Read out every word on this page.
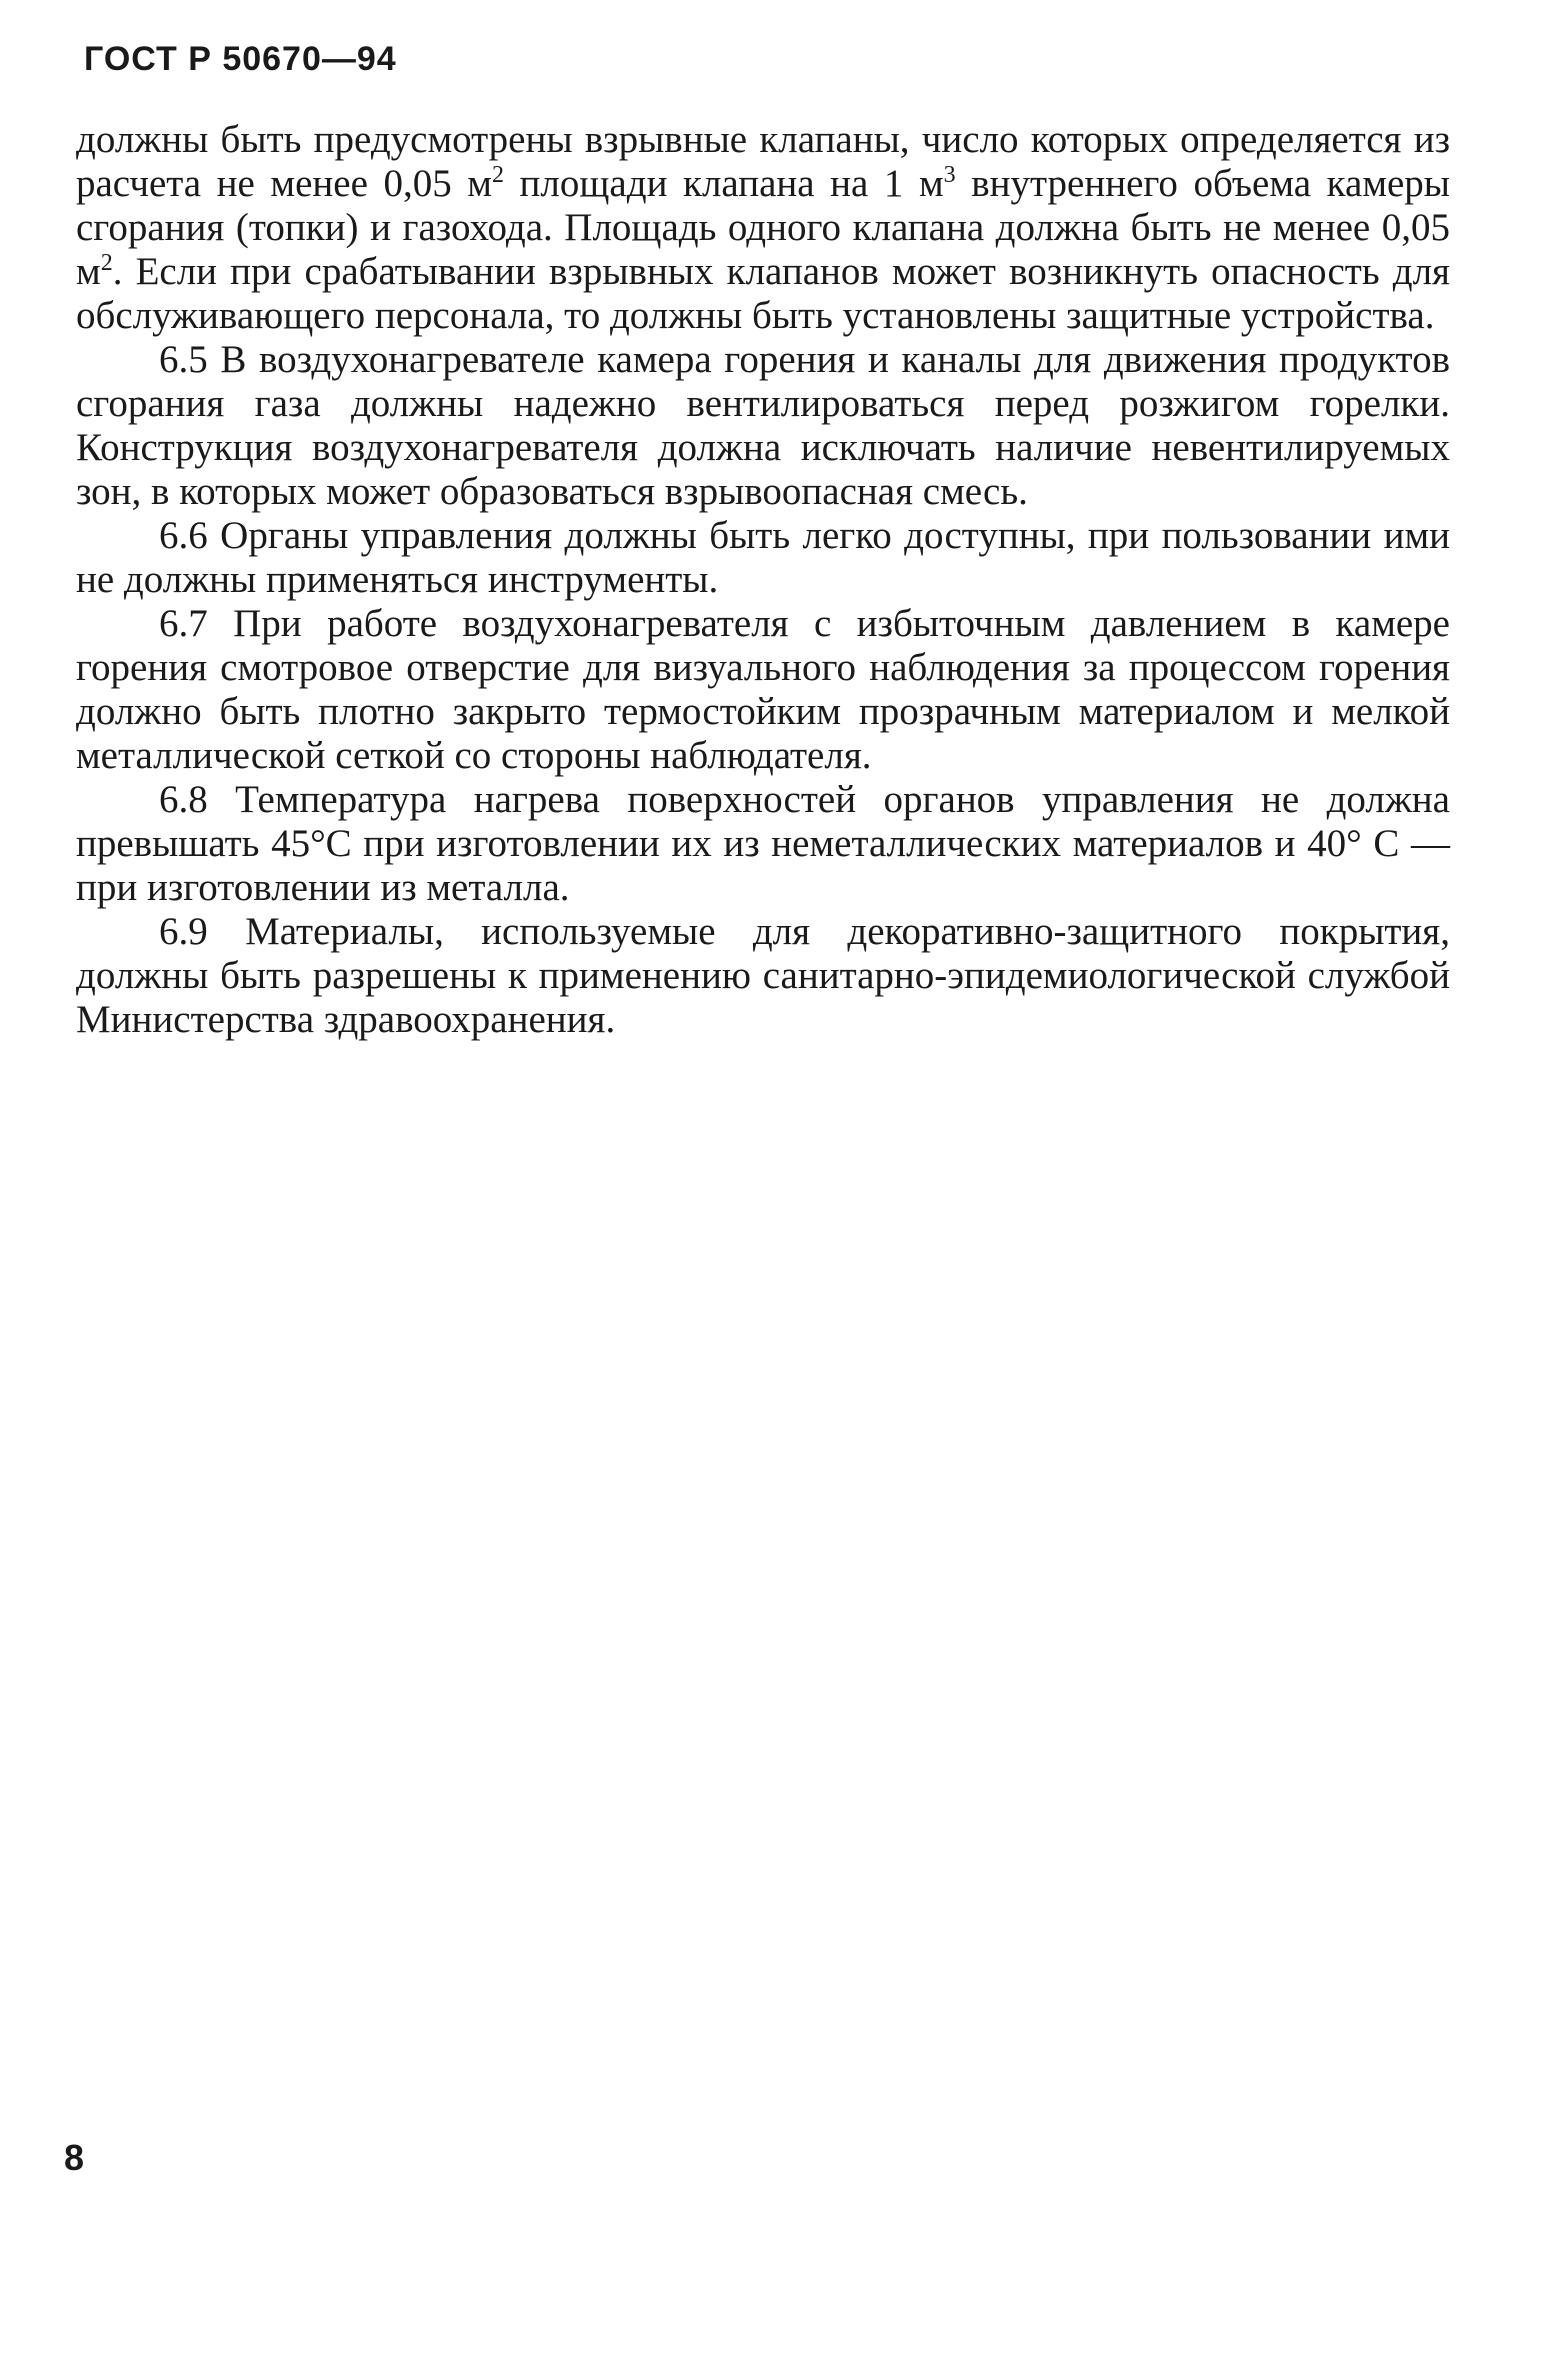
ГОСТ Р 50670—94

должны быть предусмотрены взрывные клапаны, число которых определяется из расчета не менее 0,05 $м^2$ площади клапана на 1 $м^3$ внутреннего объема камеры сгорания (топки) и газохода. Площадь одного клапана должна быть не менее 0,05 $м^2$. Если при срабатывании взрывных клапанов может возникнуть опасность для обслуживающего персонала, то должны быть установлены защитные устройства.

6.5 В воздухонагревателе камера горения и каналы для движения продуктов сгорания газа должны надежно вентилироваться перед розжигом горелки. Конструкция воздухонагревателя должна исключать наличие невентилируемых зон, в которых может образоваться взрывоопасная смесь.

6.6 Органы управления должны быть легко доступны, при пользовании ими не должны применяться инструменты.

6.7 При работе воздухонагревателя с избыточным давлением в камере горения смотровое отверстие для визуального наблюдения за процессом горения должно быть плотно закрыто термостойким прозрачным материалом и мелкой металлической сеткой со стороны наблюдателя.

6.8 Температура нагрева поверхностей органов управления не должна превышать 45°С при изготовлении их из неметаллических материалов и 40° С — при изготовлении из металла.

6.9 Материалы, используемые для декоративно-защитного покрытия, должны быть разрешены к применению санитарно-эпидемиологической службой Министерства здравоохранения.

8
